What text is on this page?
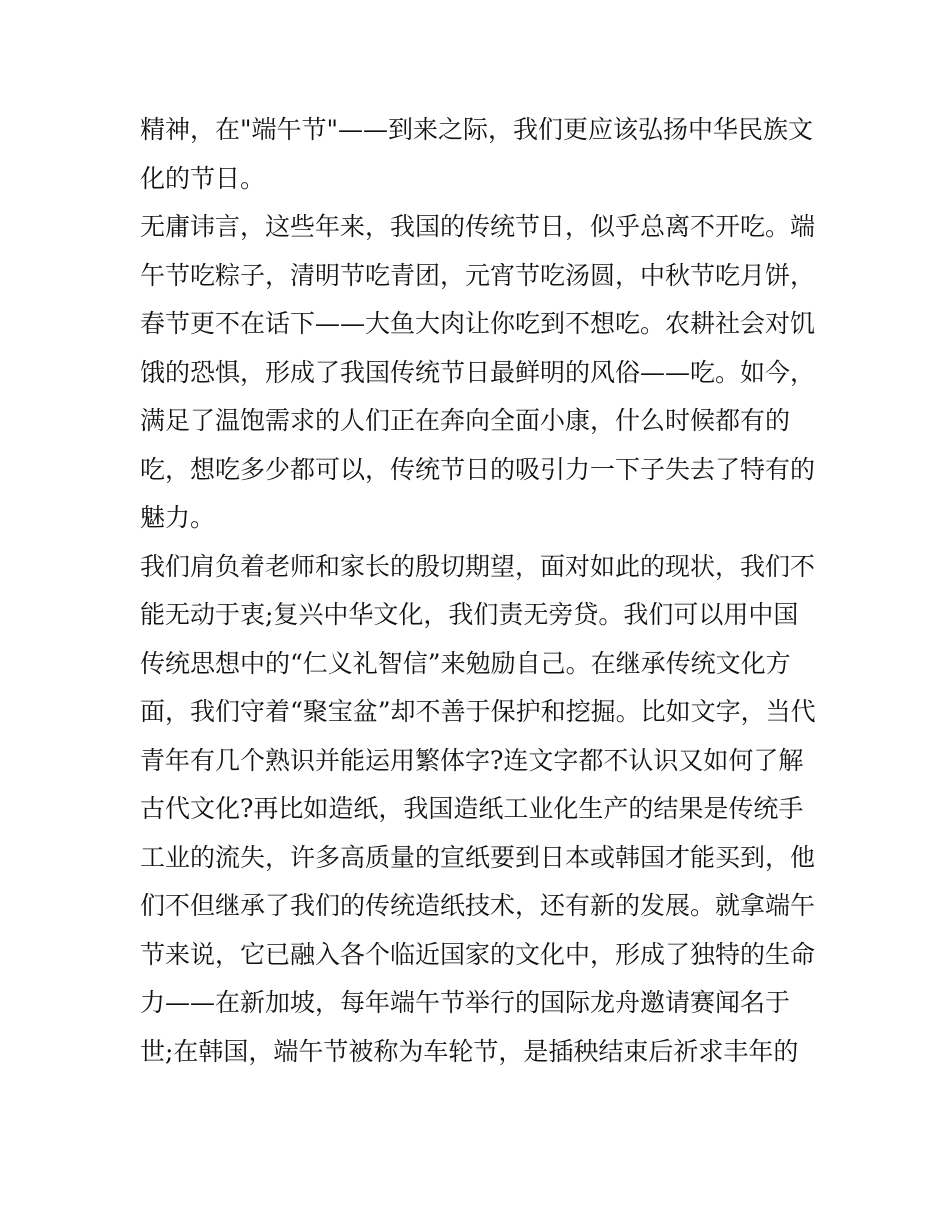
精神，在"端午节"——到来之际，我们更应该弘扬中华民族文
化的节日。
无庸讳言，这些年来，我国的传统节日，似乎总离不开吃。端
午节吃粽子，清明节吃青团，元宵节吃汤圆，中秋节吃月饼，
春节更不在话下——大鱼大肉让你吃到不想吃。农耕社会对饥
饿的恐惧，形成了我国传统节日最鲜明的风俗——吃。如今，
满足了温饱需求的人们正在奔向全面小康，什么时候都有的
吃，想吃多少都可以，传统节日的吸引力一下子失去了特有的
魅力。
我们肩负着老师和家长的殷切期望，面对如此的现状，我们不
能无动于衷;复兴中华文化，我们责无旁贷。我们可以用中国
传统思想中的“仁义礼智信”来勉励自己。在继承传统文化方
面，我们守着“聚宝盆”却不善于保护和挖掘。比如文字，当代
青年有几个熟识并能运用繁体字?连文字都不认识又如何了解
古代文化?再比如造纸，我国造纸工业化生产的结果是传统手
工业的流失，许多高质量的宣纸要到日本或韩国才能买到，他
们不但继承了我们的传统造纸技术，还有新的发展。就拿端午
节来说，它已融入各个临近国家的文化中，形成了独特的生命
力——在新加坡，每年端午节举行的国际龙舟邀请赛闻名于
世;在韩国，端午节被称为车轮节，是插秧结束后祈求丰年的
